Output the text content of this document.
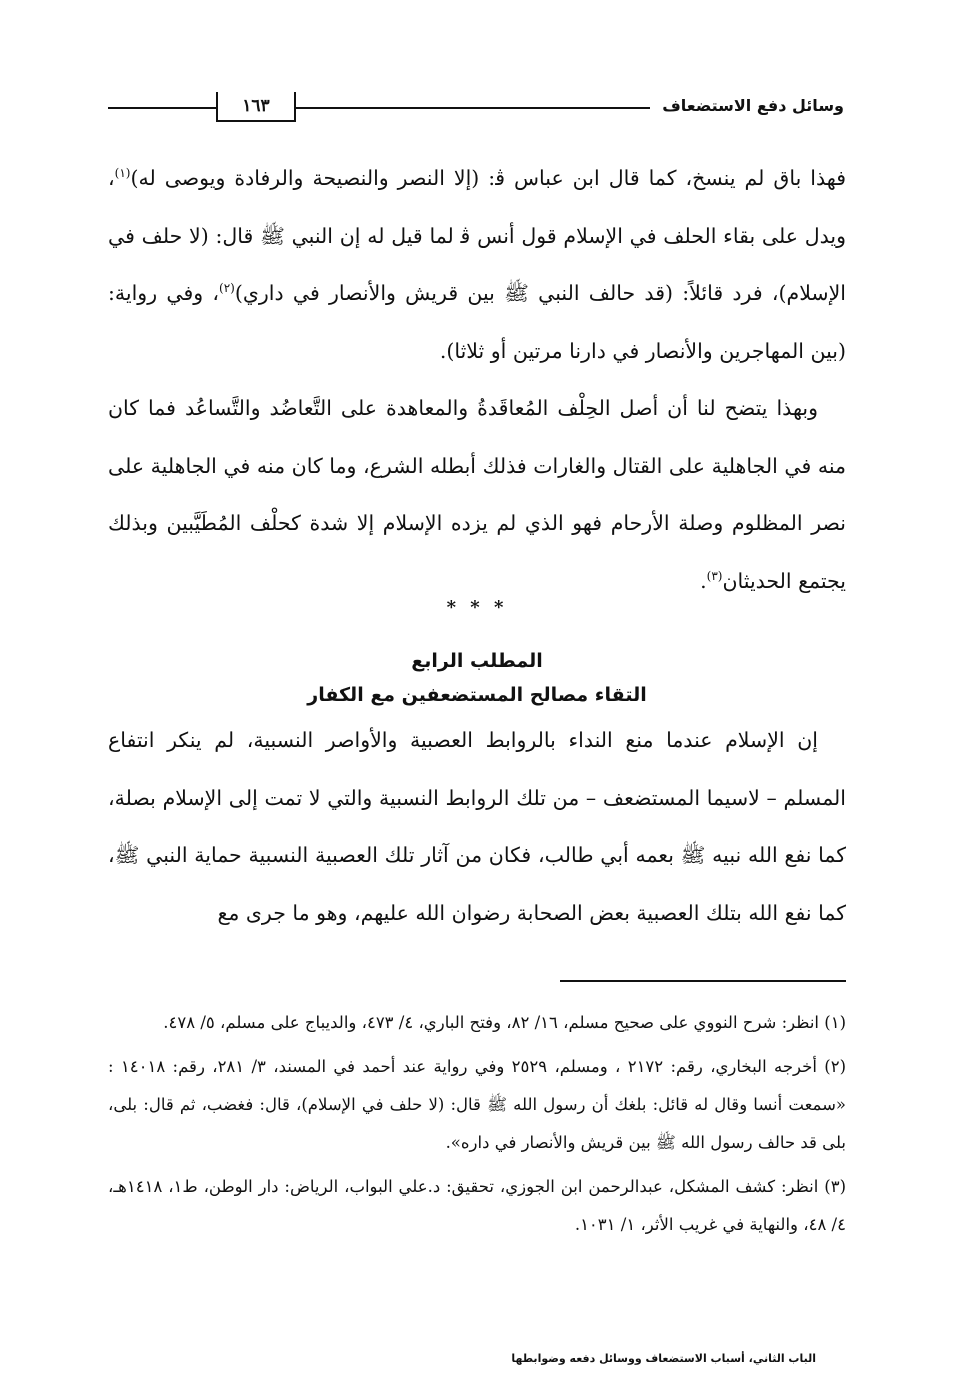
وسائل دفع الاستضعاف
١٦٣

فهذا باق لم ينسخ، كما قال ابن عباس ﭬ: (إلا النصر والنصيحة والرفادة ويوصى له)$^{(١)}$، ويدل على بقاء الحلف في الإسلام قول أنس ﭬ لما قيل له إن النبي ﷺ قال: (لا حلف في الإسلام)، فرد قائلاً: (قد حالف النبي ﷺ بين قريش والأنصار في داري)$^{(٢)}$، وفي رواية: (بين المهاجرين والأنصار في دارنا مرتين أو ثلاثا).

وبهذا يتضح لنا أن أصل الحِلْف المُعاقَدةُ والمعاهدة على التَّعاضُد والتَّساعُد فما كان منه في الجاهلية على القتال والغارات فذلك أبطله الشرع، وما كان منه في الجاهلية على نصر المظلوم وصلة الأرحام فهو الذي لم يزده الإسلام إلا شدة كحلْف المُطَيَّبين وبذلك يجتمع الحديثان$^{(٣)}$.

* * *
المطلب الرابع
التقاء مصالح المستضعفين مع الكفار

إن الإسلام عندما منع النداء بالروابط العصبية والأواصر النسبية، لم ينكر انتفاع المسلم – لاسيما المستضعف – من تلك الروابط النسبية والتي لا تمت إلى الإسلام بصلة، كما نفع الله نبيه ﷺ بعمه أبي طالب، فكان من آثار تلك العصبية النسبية حماية النبي ﷺ، كما نفع الله بتلك العصبية بعض الصحابة رضوان الله عليهم، وهو ما جرى مع

(١) انظر: شرح النووي على صحيح مسلم، ١٦/ ٨٢، وفتح الباري، ٤/ ٤٧٣، والديباج على مسلم، ٥/ ٤٧٨.

(٢) أخرجه البخاري، رقم: ٢١٧٢ ، ومسلم، ٢٥٢٩ وفي رواية عند أحمد في المسند، ٣/ ٢٨١، رقم: ١٤٠١٨ : «سمعت أنسا وقال له قائل: بلغك أن رسول الله ﷺ قال: (لا حلف في الإسلام)، قال: فغضب، ثم قال: بلى، بلى قد حالف رسول الله ﷺ بين قريش والأنصار في داره».

(٣) انظر: كشف المشكل، عبدالرحمن ابن الجوزي، تحقيق: د.علي البواب، الرياض: دار الوطن، ط١، ١٤١٨هـ، ٤/ ٤٨، والنهاية في غريب الأثر، ١/ ١٠٣١.

الباب الثاني، أسباب الاستضعاف ووسائل دفعه وضوابطها
